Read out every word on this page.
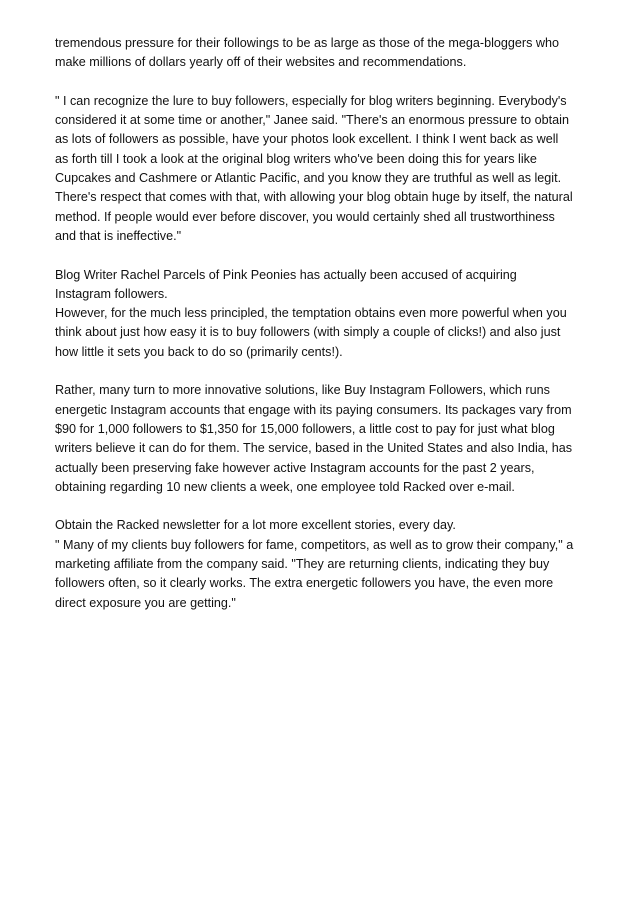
tremendous pressure for their followings to be as large as those of the mega-bloggers who
make millions of dollars yearly off of their websites and recommendations.

" I can recognize the lure to buy followers, especially for blog writers beginning. Everybody's
considered it at some time or another," Janee said. "There's an enormous pressure to obtain
as lots of followers as possible, have your photos look excellent. I think I went back as well
as forth till I took a look at the original blog writers who've been doing this for years like
Cupcakes and Cashmere or Atlantic Pacific, and you know they are truthful as well as legit.
There's respect that comes with that, with allowing your blog obtain huge by itself, the natural
method. If people would ever before discover, you would certainly shed all trustworthiness
and that is ineffective."

Blog Writer Rachel Parcels of Pink Peonies has actually been accused of acquiring
Instagram followers.
However, for the much less principled, the temptation obtains even more powerful when you
think about just how easy it is to buy followers (with simply a couple of clicks!) and also just
how little it sets you back to do so (primarily cents!).

Rather, many turn to more innovative solutions, like Buy Instagram Followers, which runs
energetic Instagram accounts that engage with its paying consumers. Its packages vary from
$90 for 1,000 followers to $1,350 for 15,000 followers, a little cost to pay for just what blog
writers believe it can do for them. The service, based in the United States and also India, has
actually been preserving fake however active Instagram accounts for the past 2 years,
obtaining regarding 10 new clients a week, one employee told Racked over e-mail.

Obtain the Racked newsletter for a lot more excellent stories, every day.
" Many of my clients buy followers for fame, competitors, as well as to grow their company," a
marketing affiliate from the company said. "They are returning clients, indicating they buy
followers often, so it clearly works. The extra energetic followers you have, the even more
direct exposure you are getting."
